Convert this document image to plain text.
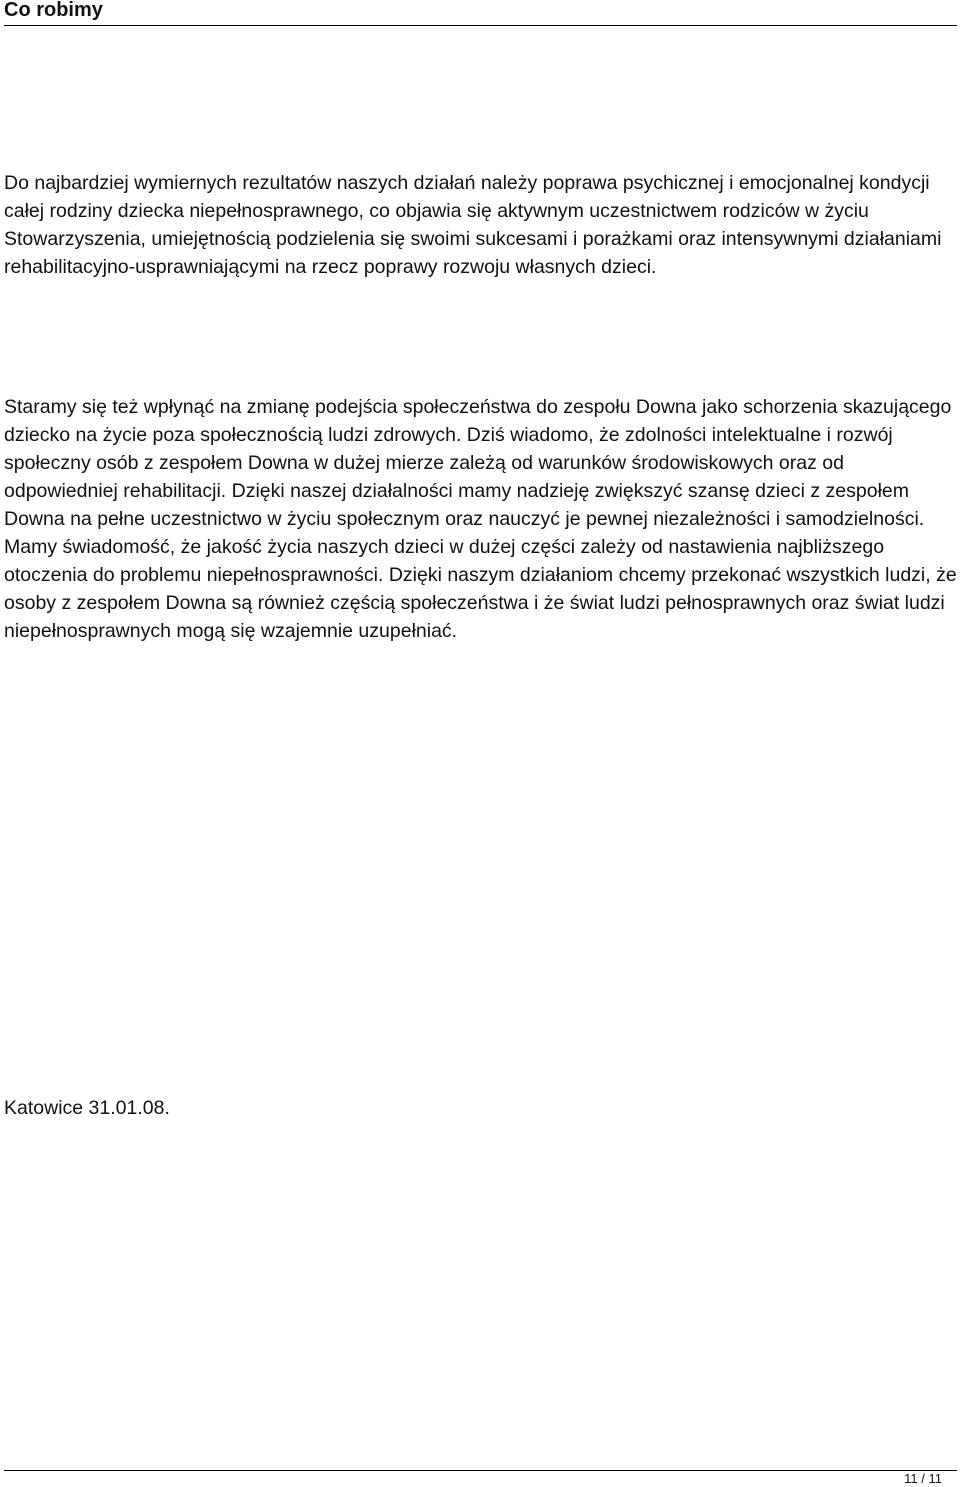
Co robimy

Do najbardziej wymiernych rezultatów naszych działań należy poprawa psychicznej i emocjonalnej kondycji całej rodziny dziecka niepełnosprawnego, co objawia się aktywnym uczestnictwem rodziców w życiu Stowarzyszenia, umiejętnością podzielenia się swoimi sukcesami i porażkami oraz intensywnymi działaniami rehabilitacyjno-usprawniającymi na rzecz poprawy rozwoju własnych dzieci.

Staramy się też wpłynąć na zmianę podejścia społeczeństwa do zespołu Downa jako schorzenia skazującego dziecko na życie poza społecznością ludzi zdrowych. Dziś wiadomo, że zdolności intelektualne i rozwój społeczny osób z zespołem Downa w dużej mierze zależą od warunków środowiskowych oraz od odpowiedniej rehabilitacji. Dzięki naszej działalności mamy nadzieję zwiększyć szansę dzieci z zespołem Downa na pełne uczestnictwo w życiu społecznym oraz nauczyć je pewnej niezależności i samodzielności. Mamy świadomość, że jakość życia naszych dzieci w dużej części zależy od nastawienia najbliższego otoczenia do problemu niepełnosprawności. Dzięki naszym działaniom chcemy przekonać wszystkich ludzi, że osoby z zespołem Downa są również częścią społeczeństwa i że świat ludzi pełnosprawnych oraz świat ludzi niepełnosprawnych mogą się wzajemnie uzupełniać.

Katowice 31.01.08.

11 / 11
